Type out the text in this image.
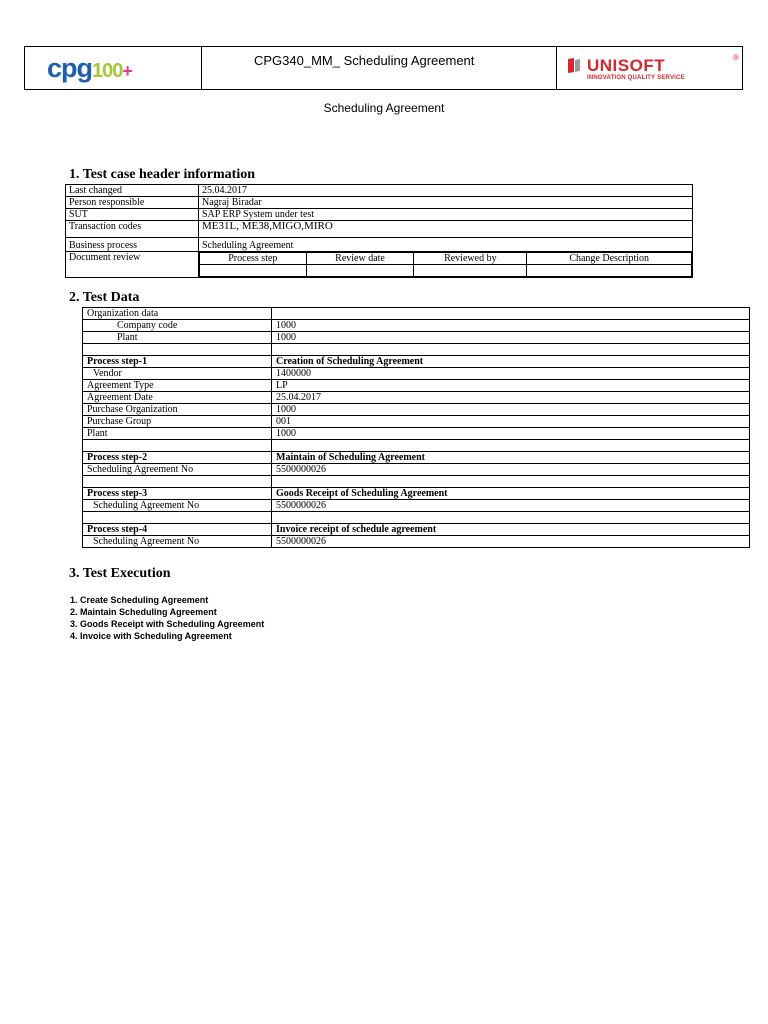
cpg 100 +	CPG340_MM_ Scheduling Agreement	UNISOFT	®
INNOVATION QUALITY SERVICE
Scheduling Agreement
1. Test case header information
Last changed	25.04.2017
Person responsible	Nagraj Biradar
SUT	SAP ERP System under test
Transaction codes	ME31L, ME38,MIGO,MIRO
Business process	Scheduling Agreement
Document review		Process step	Review date	Reviewed by	Change Description

2. Test Data
Organization data	
Company code	1000
Plant	1000

Process step-1	Creation of Scheduling Agreement
Vendor	1400000
Agreement Type	LP
Agreement Date	25.04.2017
Purchase Organization	1000
Purchase Group	001
Plant	1000

Process step-2	Maintain of Scheduling Agreement
Scheduling Agreement No	5500000026

Process step-3	Goods Receipt of Scheduling Agreement
Scheduling Agreement No	5500000026

Process step-4	Invoice receipt of schedule agreement
Scheduling Agreement No	5500000026
3. Test Execution
1. Create Scheduling Agreement
2. Maintain Scheduling Agreement
3. Goods Receipt with Scheduling Agreement
4. Invoice with Scheduling Agreement
